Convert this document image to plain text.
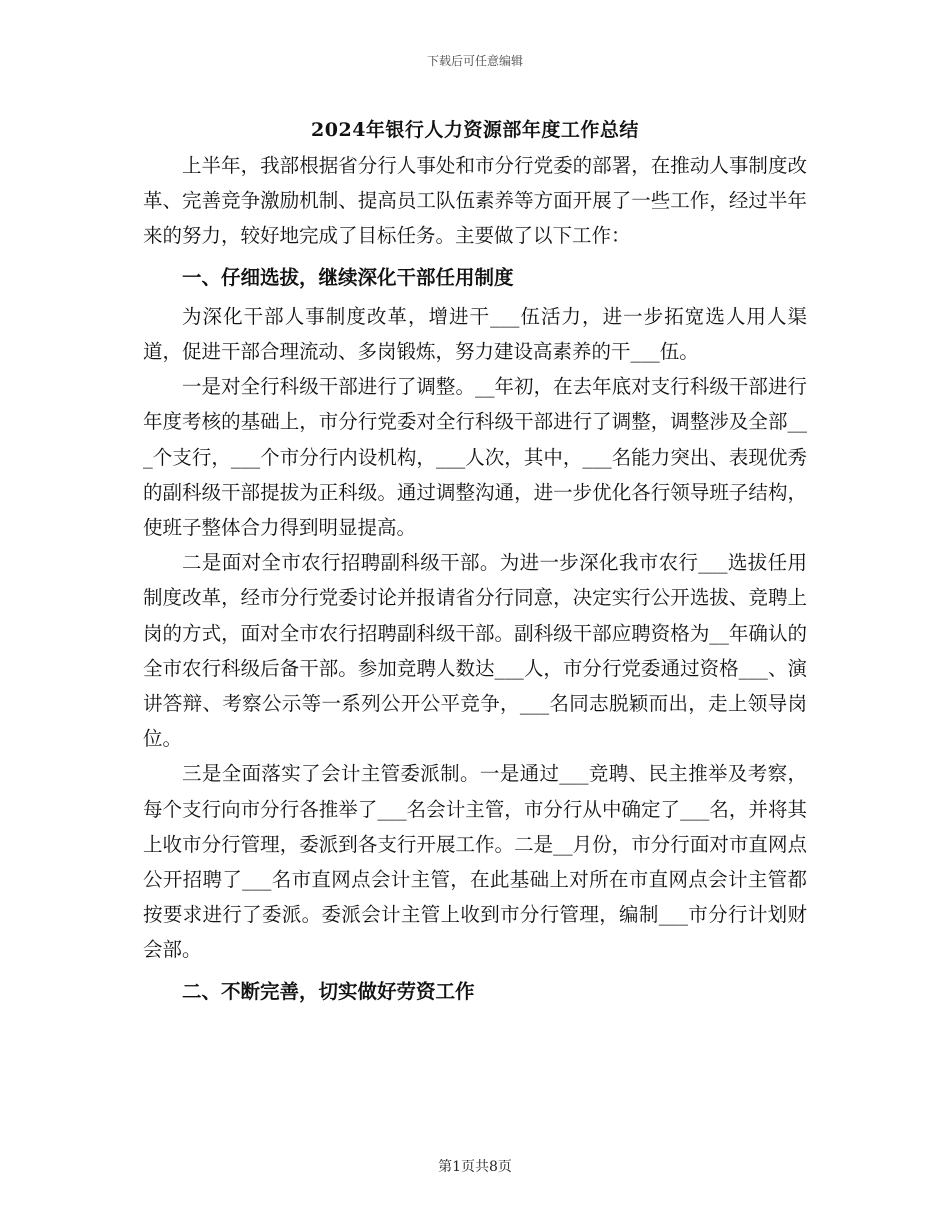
下载后可任意编辑
2024年银行人力资源部年度工作总结

上半年，我部根据省分行人事处和市分行党委的部署，在推动人事制度改革、完善竞争激励机制、提高员工队伍素养等方面开展了一些工作，经过半年来的努力，较好地完成了目标任务。主要做了以下工作：

一、仔细选拔，继续深化干部任用制度

为深化干部人事制度改革，增进干___伍活力，进一步拓宽选人用人渠道，促进干部合理流动、多岗锻炼，努力建设高素养的干___伍。

一是对全行科级干部进行了调整。__年初，在去年底对支行科级干部进行年度考核的基础上，市分行党委对全行科级干部进行了调整，调整涉及全部___个支行，___个市分行内设机构，___人次，其中，___名能力突出、表现优秀的副科级干部提拔为正科级。通过调整沟通，进一步优化各行领导班子结构，使班子整体合力得到明显提高。

二是面对全市农行招聘副科级干部。为进一步深化我市农行___选拔任用制度改革，经市分行党委讨论并报请省分行同意，决定实行公开选拔、竞聘上岗的方式，面对全市农行招聘副科级干部。副科级干部应聘资格为__年确认的全市农行科级后备干部。参加竞聘人数达___人，市分行党委通过资格___、演讲答辩、考察公示等一系列公开公平竞争，___名同志脱颖而出，走上领导岗位。

三是全面落实了会计主管委派制。一是通过___竞聘、民主推举及考察，每个支行向市分行各推举了___名会计主管，市分行从中确定了___名，并将其上收市分行管理，委派到各支行开展工作。二是__月份，市分行面对市直网点公开招聘了___名市直网点会计主管，在此基础上对所在市直网点会计主管都按要求进行了委派。委派会计主管上收到市分行管理，编制___市分行计划财会部。

二、不断完善，切实做好劳资工作

第1页共8页
